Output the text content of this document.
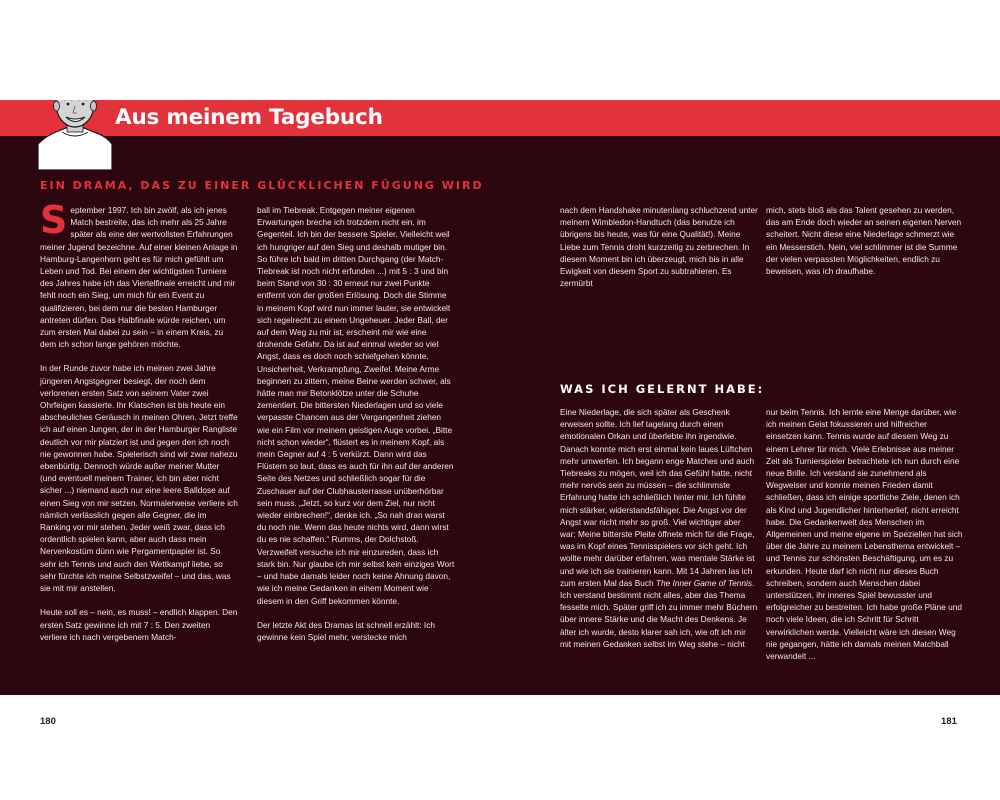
Aus meinem Tagebuch
EIN DRAMA, DAS ZU EINER GLÜCKLICHEN FÜGUNG WIRD

September 1997. Ich bin zwölf, als ich jenes Match bestreite, das ich mehr als 25 Jahre später als eine der wertvollsten Erfahrungen meiner Jugend bezeichne. Auf einer kleinen Anlage in Hamburg-Langenhorn geht es für mich gefühlt um Leben und Tod. Bei einem der wichtigsten Turniere des Jahres habe ich das Viertelfinale erreicht und mir fehlt noch ein Sieg, um mich für ein Event zu qualifizieren, bei dem nur die besten Hamburger antreten dürfen. Das Halbfinale würde reichen, um zum ersten Mal dabei zu sein – in einem Kreis, zu dem ich schon lange gehören möchte.

In der Runde zuvor habe ich meinen zwei Jahre jüngeren Angstgegner besiegt, der noch dem verlorenen ersten Satz von seinem Vater zwei Ohrfeigen kassierte. Ihr Klatschen ist bis heute ein abscheuliches Geräusch in meinen Ohren. Jetzt treffe ich auf einen Jungen, der in der Hamburger Rangliste deutlich vor mir platziert ist und gegen den ich noch nie gewonnen habe. Spielerisch sind wir zwar nahezu ebenbürtig. Dennoch würde außer meiner Mutter (und eventuell meinem Trainer, ich bin aber nicht sicher ...) niemand auch nur eine leere Balldose auf einen Sieg von mir setzen. Normalerweise verliere ich nämlich verlässlich gegen alle Gegner, die im Ranking vor mir stehen. Jeder weiß zwar, dass ich ordentlich spielen kann, aber auch dass mein Nervenkostüm dünn wie Pergamentpapier ist. So sehr ich Tennis und auch den Wettkampf liebe, so sehr fürchte ich meine Selbstzweifel – und das, was sie mit mir anstellen.

Heute soll es – nein, es muss! – endlich klappen. Den ersten Satz gewinne ich mit 7 : 5. Den zweiten verliere ich nach vergebenem Match-

ball im Tiebreak. Entgegen meiner eigenen Erwartungen breche ich trotzdem nicht ein, im Gegenteil. Ich bin der bessere Spieler. Vielleicht weil ich hungriger auf den Sieg und deshalb mutiger bin. So führe ich bald im dritten Durchgang (der Match-Tiebreak ist noch nicht erfunden ...) mit 5 : 3 und bin beim Stand von 30 : 30 erneut nur zwei Punkte entfernt von der großen Erlösung. Doch die Stimme in meinem Kopf wird nun immer lauter, sie entwickelt sich regelrecht zu einem Ungeheuer. Jeder Ball, der auf dem Weg zu mir ist, erscheint mir wie eine drohende Gefahr. Da ist auf einmal wieder so viel Angst, dass es doch noch schiefgehen könnte. Unsicherheit, Verkrampfung, Zweifel. Meine Arme beginnen zu zittern, meine Beine werden schwer, als hätte man mir Betonklötze unter die Schuhe zementiert. Die bittersten Niederlagen und so viele verpasste Chancen aus der Vergangenheit ziehen wie ein Film vor meinem geistigen Auge vorbei. „Bitte nicht schon wieder“, flüstert es in meinem Kopf, als mein Gegner auf 4 : 5 verkürzt. Dann wird das Flüstern so laut, dass es auch für ihn auf der anderen Seite des Netzes und schließlich sogar für die Zuschauer auf der Clubhausterrasse unüberhörbar sein muss. „Jetzt, so kurz vor dem Ziel, nur nicht wieder einbrechen!“, denke ich. „So nah dran warst du noch nie. Wenn das heute nichts wird, dann wirst du es nie schaffen.“ Rumms, der Dolchstoß. Verzweifelt versuche ich mir einzureden, dass ich stark bin. Nur glaube ich mir selbst kein einziges Wort – und habe damals leider noch keine Ahnung davon, wie ich meine Gedanken in einem Moment wie diesem in den Griff bekommen könnte.

Der letzte Akt des Dramas ist schnell erzählt: Ich gewinne kein Spiel mehr, verstecke mich

nach dem Handshake minutenlang schluchzend unter meinem Wimbledon-Handtuch (das benutze ich übrigens bis heute, was für eine Qualität!). Meine Liebe zum Tennis droht kurzzeitig zu zerbrechen. In diesem Moment bin ich überzeugt, mich bis in alle Ewigkeit von diesem Sport zu subtrahieren. Es zermürbt

mich, stets bloß als das Talent gesehen zu werden, das am Ende doch wieder an seinen eigenen Nerven scheitert. Nicht diese eine Niederlage schmerzt wie ein Messerstich. Nein, viel schlimmer ist die Summe der vielen verpassten Möglichkeiten, endlich zu beweisen, was ich draufhabe.

WAS ICH GELERNT HABE:

Eine Niederlage, die sich später als Geschenk erweisen sollte. Ich lief tagelang durch einen emotionalen Orkan und überlebte ihn irgendwie. Danach konnte mich erst einmal kein laues Lüftchen mehr umwerfen. Ich begann enge Matches und auch Tiebreaks zu mögen, weil ich das Gefühl hatte, nicht mehr nervös sein zu müssen – die schlimmste Erfahrung hatte ich schließlich hinter mir. Ich fühlte mich stärker, widerstandsfähiger. Die Angst vor der Angst war nicht mehr so groß. Viel wichtiger aber war: Meine bitterste Pleite öffnete mich für die Frage, was im Kopf eines Tennisspielers vor sich geht. Ich wollte mehr darüber erfahren, was mentale Stärke ist und wie ich sie trainieren kann. Mit 14 Jahren las ich zum ersten Mal das Buch The Inner Game of Tennis. Ich verstand bestimmt nicht alles, aber das Thema fesselte mich. Später griff ich zu immer mehr Büchern über innere Stärke und die Macht des Denkens. Je älter ich wurde, desto klarer sah ich, wie oft ich mir mit meinen Gedanken selbst im Weg stehe – nicht

nur beim Tennis. Ich lernte eine Menge darüber, wie ich meinen Geist fokussieren und hilfreicher einsetzen kann. Tennis wurde auf diesem Weg zu einem Lehrer für mich. Viele Erlebnisse aus meiner Zeit als Turnierspieler betrachtete ich nun durch eine neue Brille. Ich verstand sie zunehmend als Wegweiser und konnte meinen Frieden damit schließen, dass ich einige sportliche Ziele, denen ich als Kind und Jugendlicher hinterherlief, nicht erreicht habe. Die Gedankenwelt des Menschen im Allgemeinen und meine eigene im Speziellen hat sich über die Jahre zu meinem Lebensthema entwickelt – und Tennis zur schönsten Beschäftigung, um es zu erkunden. Heute darf ich nicht nur dieses Buch schreiben, sondern auch Menschen dabei unterstützen, ihr inneres Spiel bewusster und erfolgreicher zu bestreiten. Ich habe große Pläne und noch viele Ideen, die ich Schritt für Schritt verwirklichen werde. Vielleicht wäre ich diesen Weg nie gegangen, hätte ich damals meinen Matchball verwandelt ...

180	181
